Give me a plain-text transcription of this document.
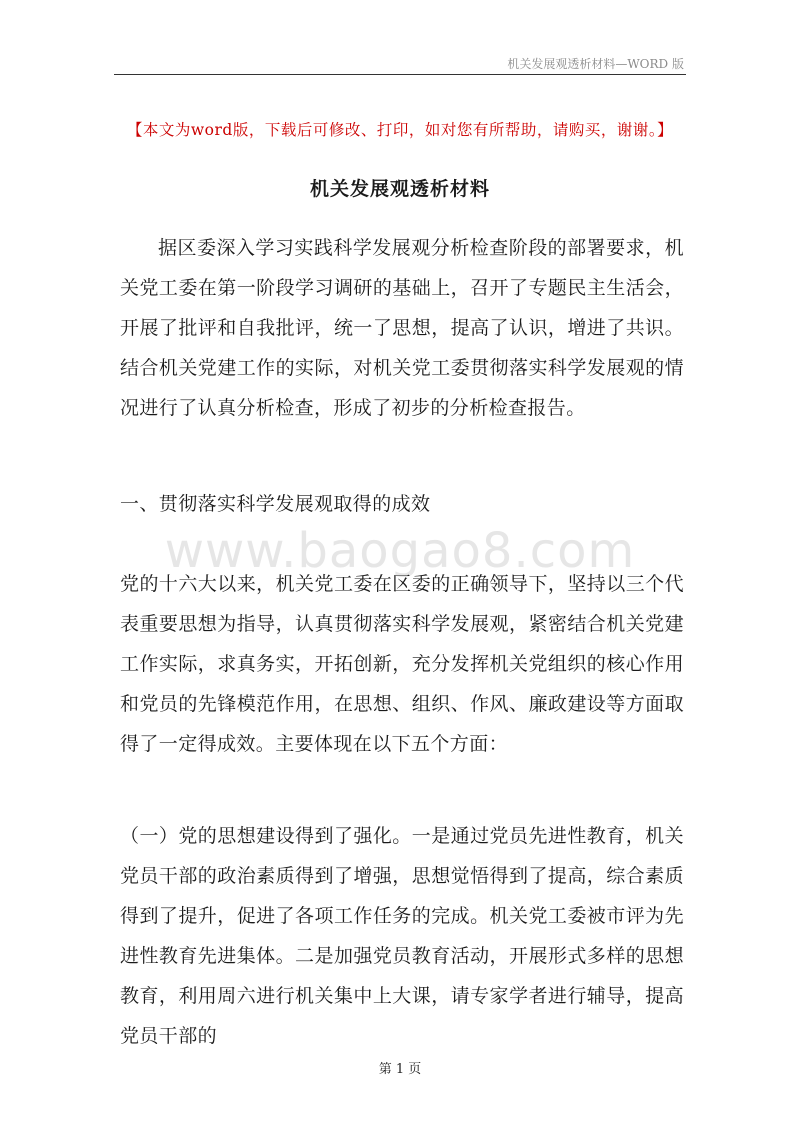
机关发展观透析材料—WORD 版
【本文为word版，下载后可修改、打印，如对您有所帮助，请购买，谢谢。】
机关发展观透析材料

据区委深入学习实践科学发展观分析检查阶段的部署要求，机关党工委在第一阶段学习调研的基础上，召开了专题民主生活会，开展了批评和自我批评，统一了思想，提高了认识，增进了共识。结合机关党建工作的实际，对机关党工委贯彻落实科学发展观的情况进行了认真分析检查，形成了初步的分析检查报告。

一、贯彻落实科学发展观取得的成效

www.baogao8.com

党的十六大以来，机关党工委在区委的正确领导下，坚持以三个代表重要思想为指导，认真贯彻落实科学发展观，紧密结合机关党建工作实际，求真务实，开拓创新，充分发挥机关党组织的核心作用和党员的先锋模范作用，在思想、组织、作风、廉政建设等方面取得了一定得成效。主要体现在以下五个方面：

（一）党的思想建设得到了强化。一是通过党员先进性教育，机关党员干部的政治素质得到了增强，思想觉悟得到了提高，综合素质得到了提升，促进了各项工作任务的完成。机关党工委被市评为先进性教育先进集体。二是加强党员教育活动，开展形式多样的思想教育，利用周六进行机关集中上大课，请专家学者进行辅导，提高党员干部的

第 1 页
